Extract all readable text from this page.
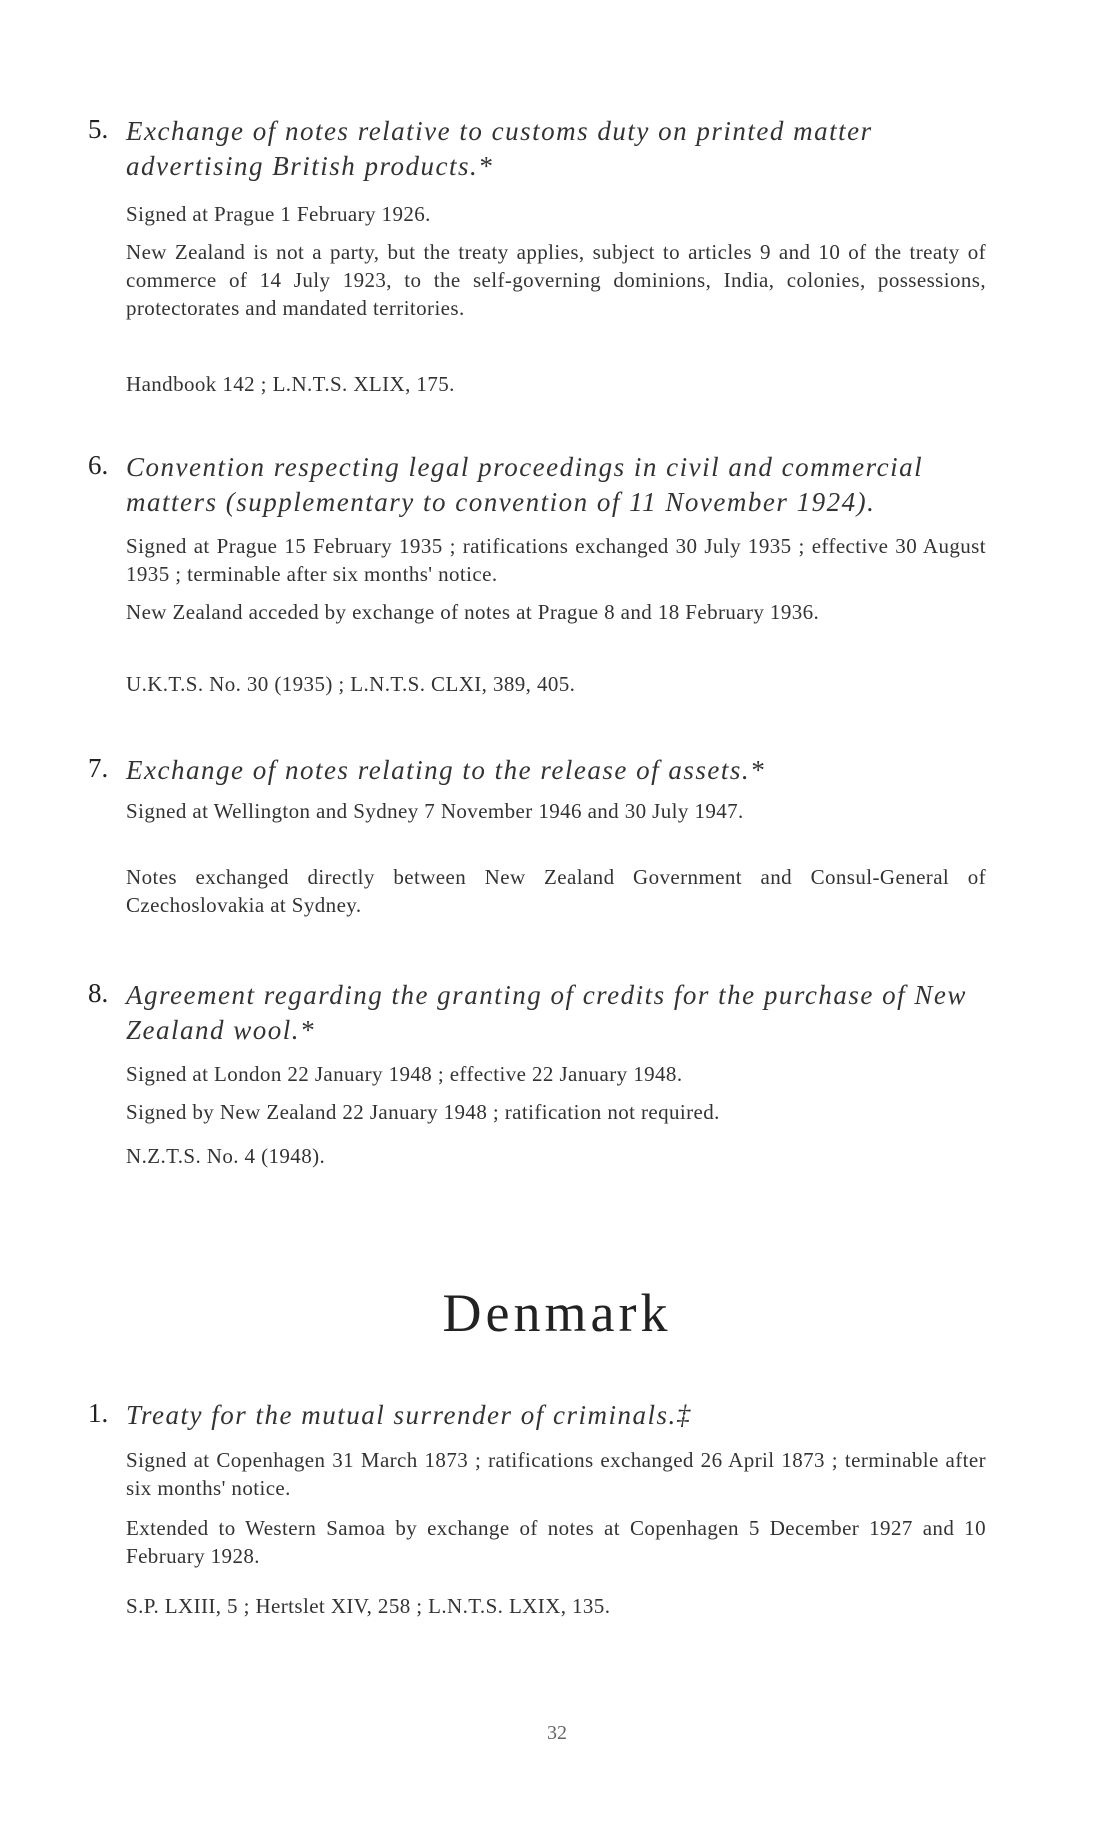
5. Exchange of notes relative to customs duty on printed matter advertising British products.*
Signed at Prague 1 February 1926.
New Zealand is not a party, but the treaty applies, subject to articles 9 and 10 of the treaty of commerce of 14 July 1923, to the self-governing dominions, India, colonies, possessions, protectorates and mandated territories.
Handbook 142 ; L.N.T.S. XLIX, 175.
6. Convention respecting legal proceedings in civil and commercial matters (supplementary to convention of 11 November 1924).
Signed at Prague 15 February 1935 ; ratifications exchanged 30 July 1935 ; effective 30 August 1935 ; terminable after six months' notice.
New Zealand acceded by exchange of notes at Prague 8 and 18 February 1936.
U.K.T.S. No. 30 (1935) ; L.N.T.S. CLXI, 389, 405.
7. Exchange of notes relating to the release of assets.*
Signed at Wellington and Sydney 7 November 1946 and 30 July 1947.
Notes exchanged directly between New Zealand Government and Consul-General of Czechoslovakia at Sydney.
8. Agreement regarding the granting of credits for the purchase of New Zealand wool.*
Signed at London 22 January 1948 ; effective 22 January 1948.
Signed by New Zealand 22 January 1948 ; ratification not required.
N.Z.T.S. No. 4 (1948).
Denmark
1. Treaty for the mutual surrender of criminals.‡
Signed at Copenhagen 31 March 1873 ; ratifications exchanged 26 April 1873 ; terminable after six months' notice.
Extended to Western Samoa by exchange of notes at Copenhagen 5 December 1927 and 10 February 1928.
S.P. LXIII, 5 ; Hertslet XIV, 258 ; L.N.T.S. LXIX, 135.
32
